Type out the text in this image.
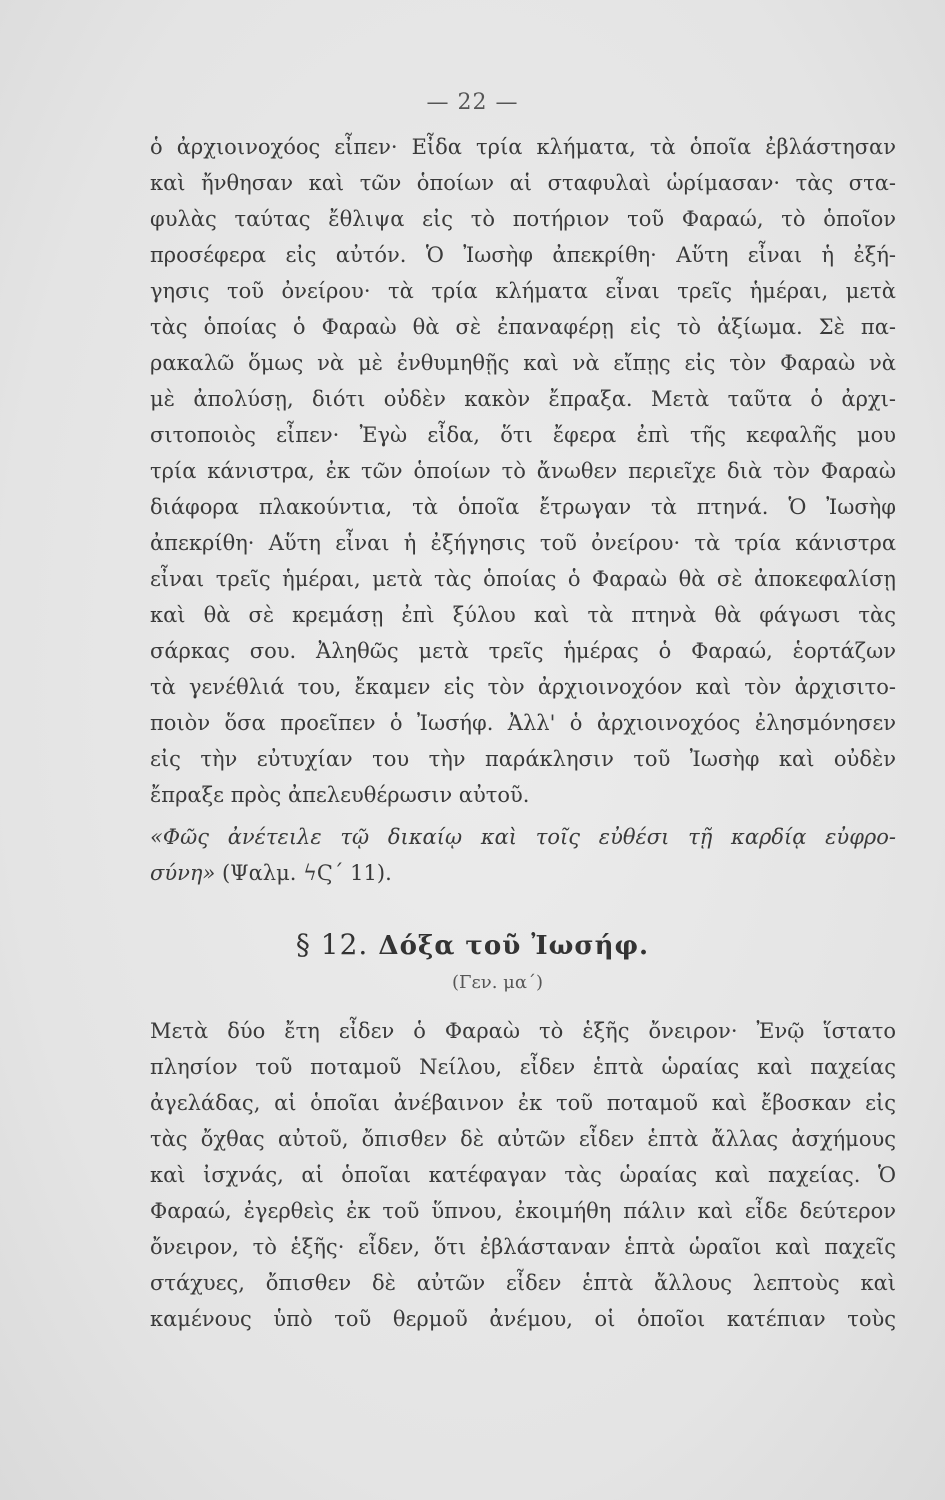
— 22 —
ὁ ἀρχιοινοχόος εἶπεν· Εἶδα τρία κλήματα, τὰ ὁποῖα ἐβλάστησαν
καὶ ἤνθησαν καὶ τῶν ὁποίων αἱ σταφυλαὶ ὡρίμασαν· τὰς στα-
φυλὰς ταύτας ἔθλιψα εἰς τὸ ποτήριον τοῦ Φαραώ, τὸ ὁποῖον
προσέφερα εἰς αὐτόν. Ὁ Ἰωσὴφ ἀπεκρίθη· Αὕτη εἶναι ἡ ἐξή-
γησις τοῦ ὀνείρου· τὰ τρία κλήματα εἶναι τρεῖς ἡμέραι, μετὰ
τὰς ὁποίας ὁ Φαραὼ θὰ σὲ ἐπαναφέρῃ εἰς τὸ ἀξίωμα. Σὲ πα-
ρακαλῶ ὅμως νὰ μὲ ἐνθυμηθῇς καὶ νὰ εἴπῃς εἰς τὸν Φαραὼ νὰ
μὲ ἀπολύσῃ, διότι οὐδὲν κακὸν ἔπραξα. Μετὰ ταῦτα ὁ ἀρχι-
σιτοποιὸς εἶπεν· Ἐγὼ εἶδα, ὅτι ἔφερα ἐπὶ τῆς κεφαλῆς μου
τρία κάνιστρα, ἐκ τῶν ὁποίων τὸ ἄνωθεν περιεῖχε διὰ τὸν Φαραὼ
διάφορα πλακούντια, τὰ ὁποῖα ἔτρωγαν τὰ πτηνά. Ὁ Ἰωσὴφ
ἀπεκρίθη· Αὕτη εἶναι ἡ ἐξήγησις τοῦ ὀνείρου· τὰ τρία κάνιστρα
εἶναι τρεῖς ἡμέραι, μετὰ τὰς ὁποίας ὁ Φαραὼ θὰ σὲ ἀποκεφαλίσῃ
καὶ θὰ σὲ κρεμάσῃ ἐπὶ ξύλου καὶ τὰ πτηνὰ θὰ φάγωσι τὰς
σάρκας σου. Ἀληθῶς μετὰ τρεῖς ἡμέρας ὁ Φαραώ, ἑορτάζων
τὰ γενέθλιά του, ἔκαμεν εἰς τὸν ἀρχιοινοχόον καὶ τὸν ἀρχισιτο-
ποιὸν ὅσα προεῖπεν ὁ Ἰωσήφ. Ἀλλ' ὁ ἀρχιοινοχόος ἐλησμόνησεν
εἰς τὴν εὐτυχίαν του τὴν παράκλησιν τοῦ Ἰωσὴφ καὶ οὐδὲν
ἔπραξε πρὸς ἀπελευθέρωσιν αὐτοῦ.
«Φῶς ἀνέτειλε τῷ δικαίῳ καὶ τοῖς εὐθέσι τῇ καρδίᾳ εὐφρο-
σύνη» (Ψαλμ. ϟϚ´ 11).
§ 12. Δόξα τοῦ Ἰωσήφ.
(Γεν. μα´)
Μετὰ δύο ἔτη εἶδεν ὁ Φαραὼ τὸ ἑξῆς ὄνειρον· Ἐνῷ ἵστατο
πλησίον τοῦ ποταμοῦ Νείλου, εἶδεν ἑπτὰ ὡραίας καὶ παχείας
ἀγελάδας, αἱ ὁποῖαι ἀνέβαινον ἐκ τοῦ ποταμοῦ καὶ ἔβοσκαν εἰς
τὰς ὄχθας αὐτοῦ, ὄπισθεν δὲ αὐτῶν εἶδεν ἑπτὰ ἄλλας ἀσχήμους
καὶ ἰσχνάς, αἱ ὁποῖαι κατέφαγαν τὰς ὡραίας καὶ παχείας. Ὁ
Φαραώ, ἐγερθεὶς ἐκ τοῦ ὕπνου, ἐκοιμήθη πάλιν καὶ εἶδε δεύτερον
ὄνειρον, τὸ ἑξῆς· εἶδεν, ὅτι ἐβλάσταναν ἑπτὰ ὡραῖοι καὶ παχεῖς
στάχυες, ὄπισθεν δὲ αὐτῶν εἶδεν ἑπτὰ ἄλλους λεπτοὺς καὶ
καμένους ὑπὸ τοῦ θερμοῦ ἀνέμου, οἱ ὁποῖοι κατέπιαν τοὺς
